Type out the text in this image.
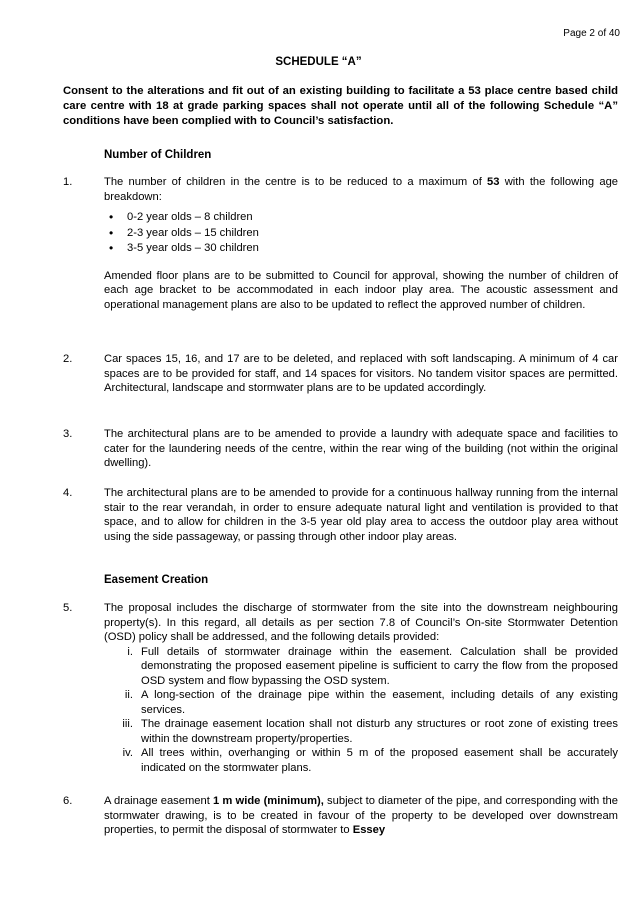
Page 2 of 40
SCHEDULE “A”
Consent to the alterations and fit out of an existing building to facilitate a 53 place centre based child care centre with 18 at grade parking spaces shall not operate until all of the following Schedule “A” conditions have been complied with to Council’s satisfaction.
Number of Children
1.	The number of children in the centre is to be reduced to a maximum of 53 with the following age breakdown:

• 0-2 year olds – 8 children
• 2-3 year olds – 15 children
• 3-5 year olds – 30 children

Amended floor plans are to be submitted to Council for approval, showing the number of children of each age bracket to be accommodated in each indoor play area. The acoustic assessment and operational management plans are also to be updated to reflect the approved number of children.

2.	Car spaces 15, 16, and 17 are to be deleted, and replaced with soft landscaping. A minimum of 4 car spaces are to be provided for staff, and 14 spaces for visitors. No tandem visitor spaces are permitted. Architectural, landscape and stormwater plans are to be updated accordingly.

3.	The architectural plans are to be amended to provide a laundry with adequate space and facilities to cater for the laundering needs of the centre, within the rear wing of the building (not within the original dwelling).

4.	The architectural plans are to be amended to provide for a continuous hallway running from the internal stair to the rear verandah, in order to ensure adequate natural light and ventilation is provided to that space, and to allow for children in the 3-5 year old play area to access the outdoor play area without using the side passageway, or passing through other indoor play areas.

Easement Creation
5.	The proposal includes the discharge of stormwater from the site into the downstream neighbouring property(s). In this regard, all details as per section 7.8 of Council’s On-site Stormwater Detention (OSD) policy shall be addressed, and the following details provided:

i. Full details of stormwater drainage within the easement. Calculation shall be provided demonstrating the proposed easement pipeline is sufficient to carry the flow from the proposed OSD system and flow bypassing the OSD system.
ii. A long-section of the drainage pipe within the easement, including details of any existing services.
iii. The drainage easement location shall not disturb any structures or root zone of existing trees within the downstream property/properties.
iv. All trees within, overhanging or within 5 m of the proposed easement shall be accurately indicated on the stormwater plans.
6.	A drainage easement 1 m wide (minimum), subject to diameter of the pipe, and corresponding with the stormwater drawing, is to be created in favour of the property to be developed over downstream properties, to permit the disposal of stormwater to Essey
